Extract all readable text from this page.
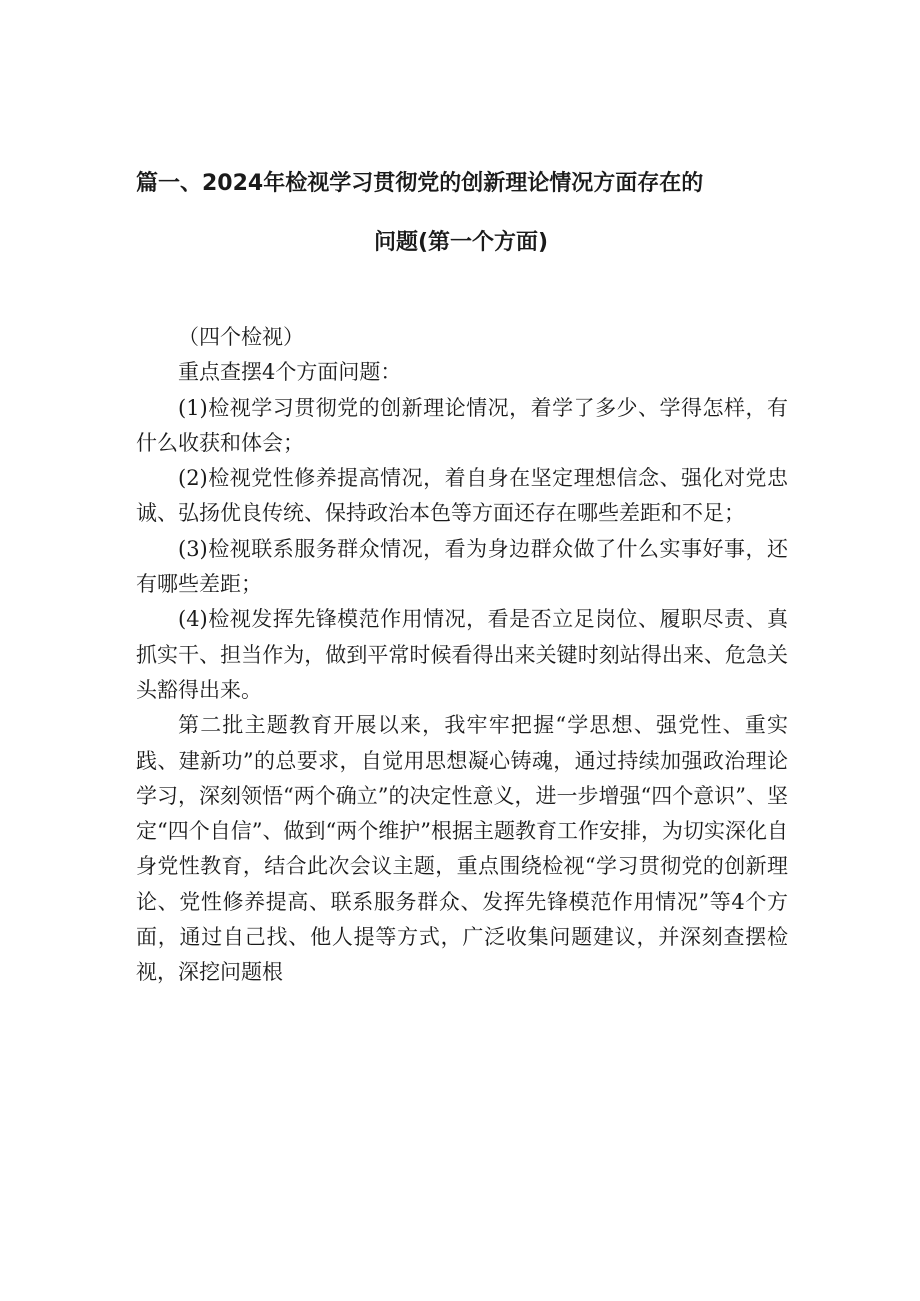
篇一、2024年检视学习贯彻党的创新理论情况方面存在的
问题(第一个方面)

（四个检视）

重点查摆4个方面问题：

(1)检视学习贯彻党的创新理论情况，着学了多少、学得怎样，有什么收获和体会；

(2)检视党性修养提高情况，着自身在坚定理想信念、强化对党忠诚、弘扬优良传统、保持政治本色等方面还存在哪些差距和不足；

(3)检视联系服务群众情况，看为身边群众做了什么实事好事，还有哪些差距；

(4)检视发挥先锋模范作用情况，看是否立足岗位、履职尽责、真抓实干、担当作为，做到平常时候看得出来关键时刻站得出来、危急关头豁得出来。

第二批主题教育开展以来，我牢牢把握“学思想、强党性、重实践、建新功”的总要求，自觉用思想凝心铸魂，通过持续加强政治理论学习，深刻领悟“两个确立”的决定性意义，进一步增强“四个意识”、坚定“四个自信”、做到“两个维护”根据主题教育工作安排，为切实深化自身党性教育，结合此次会议主题，重点围绕检视“学习贯彻党的创新理论、党性修养提高、联系服务群众、发挥先锋模范作用情况”等4个方面，通过自己找、他人提等方式，广泛收集问题建议，并深刻查摆检视，深挖问题根
